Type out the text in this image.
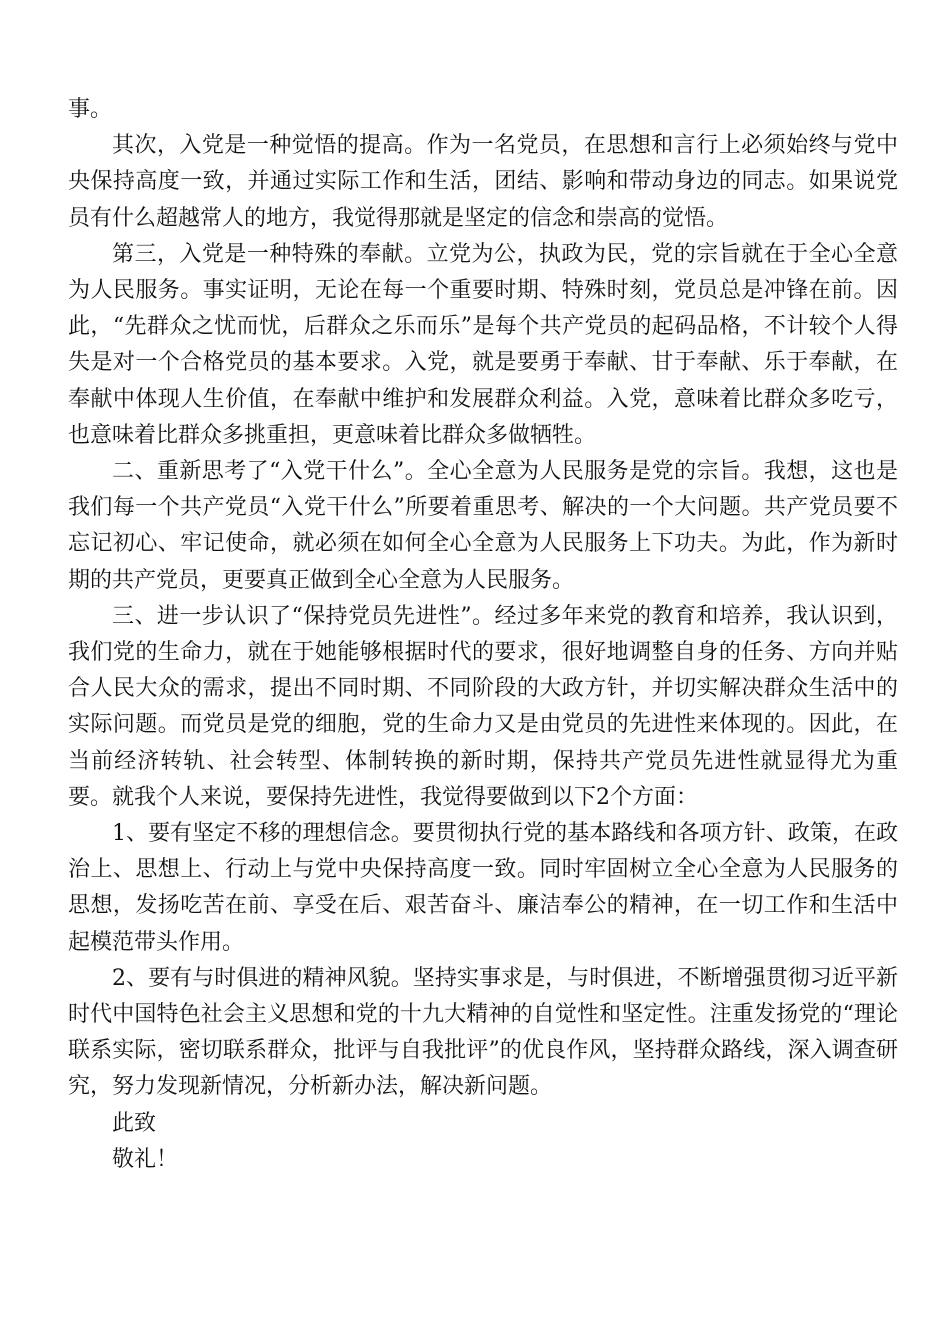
事。

其次，入党是一种觉悟的提高。作为一名党员，在思想和言行上必须始终与党中央保持高度一致，并通过实际工作和生活，团结、影响和带动身边的同志。如果说党员有什么超越常人的地方，我觉得那就是坚定的信念和崇高的觉悟。

第三，入党是一种特殊的奉献。立党为公，执政为民，党的宗旨就在于全心全意为人民服务。事实证明，无论在每一个重要时期、特殊时刻，党员总是冲锋在前。因此，“先群众之忧而忧，后群众之乐而乐”是每个共产党员的起码品格，不计较个人得失是对一个合格党员的基本要求。入党，就是要勇于奉献、甘于奉献、乐于奉献，在奉献中体现人生价值，在奉献中维护和发展群众利益。入党，意味着比群众多吃亏，也意味着比群众多挑重担，更意味着比群众多做牺牲。

二、重新思考了“入党干什么”。全心全意为人民服务是党的宗旨。我想，这也是我们每一个共产党员“入党干什么”所要着重思考、解决的一个大问题。共产党员要不忘记初心、牢记使命，就必须在如何全心全意为人民服务上下功夫。为此，作为新时期的共产党员，更要真正做到全心全意为人民服务。

三、进一步认识了“保持党员先进性”。经过多年来党的教育和培养，我认识到，我们党的生命力，就在于她能够根据时代的要求，很好地调整自身的任务、方向并贴合人民大众的需求，提出不同时期、不同阶段的大政方针，并切实解决群众生活中的实际问题。而党员是党的细胞，党的生命力又是由党员的先进性来体现的。因此，在当前经济转轨、社会转型、体制转换的新时期，保持共产党员先进性就显得尤为重要。就我个人来说，要保持先进性，我觉得要做到以下2个方面：

1、要有坚定不移的理想信念。要贯彻执行党的基本路线和各项方针、政策，在政治上、思想上、行动上与党中央保持高度一致。同时牢固树立全心全意为人民服务的思想，发扬吃苦在前、享受在后、艰苦奋斗、廉洁奉公的精神，在一切工作和生活中起模范带头作用。

2、要有与时俱进的精神风貌。坚持实事求是，与时俱进，不断增强贯彻习近平新时代中国特色社会主义思想和党的十九大精神的自觉性和坚定性。注重发扬党的“理论联系实际，密切联系群众，批评与自我批评”的优良作风，坚持群众路线，深入调查研究，努力发现新情况，分析新办法，解决新问题。

此致

敬礼！
